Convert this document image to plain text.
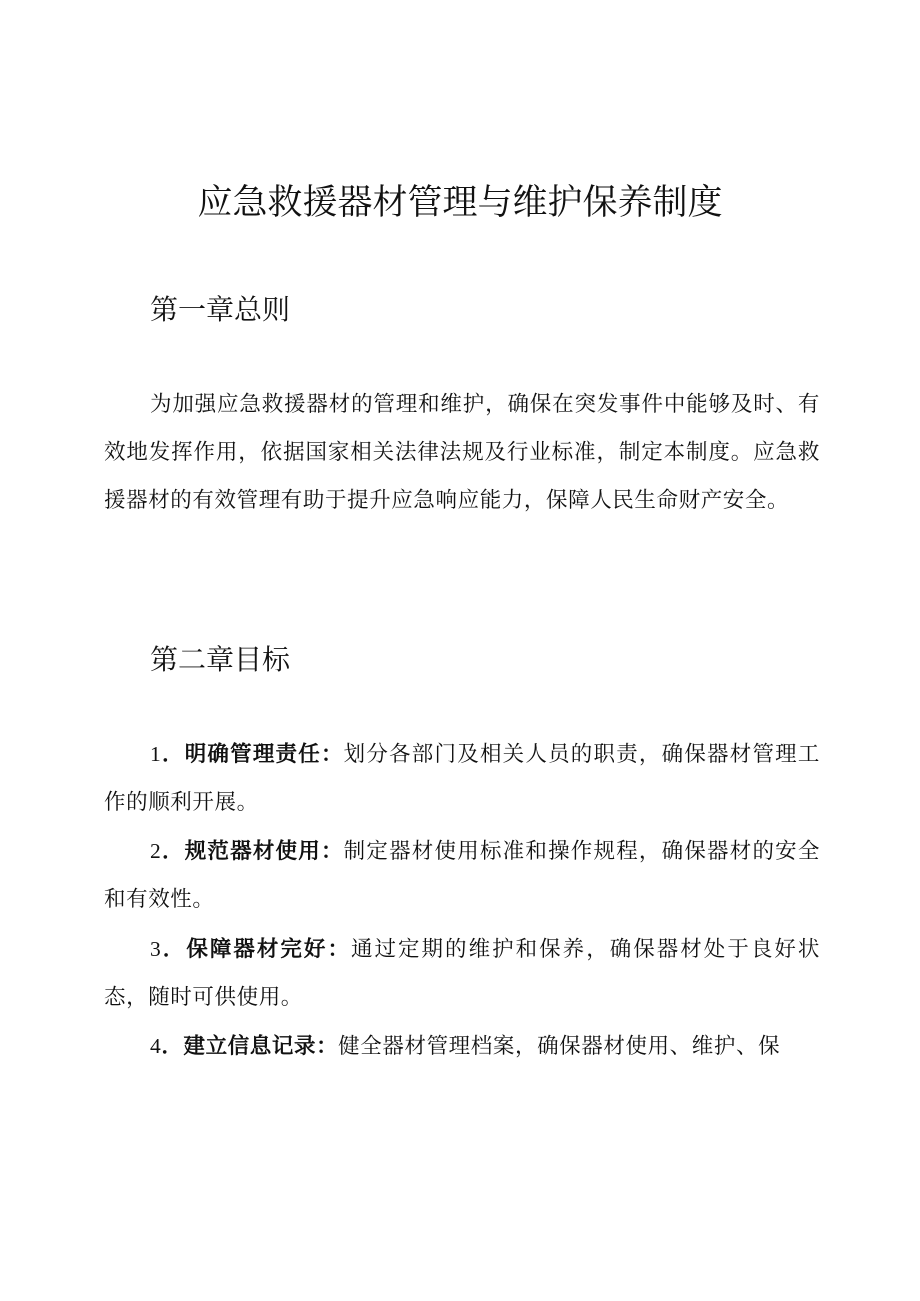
应急救援器材管理与维护保养制度
第一章总则

为加强应急救援器材的管理和维护，确保在突发事件中能够及时、有效地发挥作用，依据国家相关法律法规及行业标准，制定本制度。应急救援器材的有效管理有助于提升应急响应能力，保障人民生命财产安全。

第二章目标

1．明确管理责任：划分各部门及相关人员的职责，确保器材管理工作的顺利开展。

2．规范器材使用：制定器材使用标准和操作规程，确保器材的安全和有效性。

3．保障器材完好：通过定期的维护和保养，确保器材处于良好状态，随时可供使用。

4．建立信息记录：健全器材管理档案，确保器材使用、维护、保
